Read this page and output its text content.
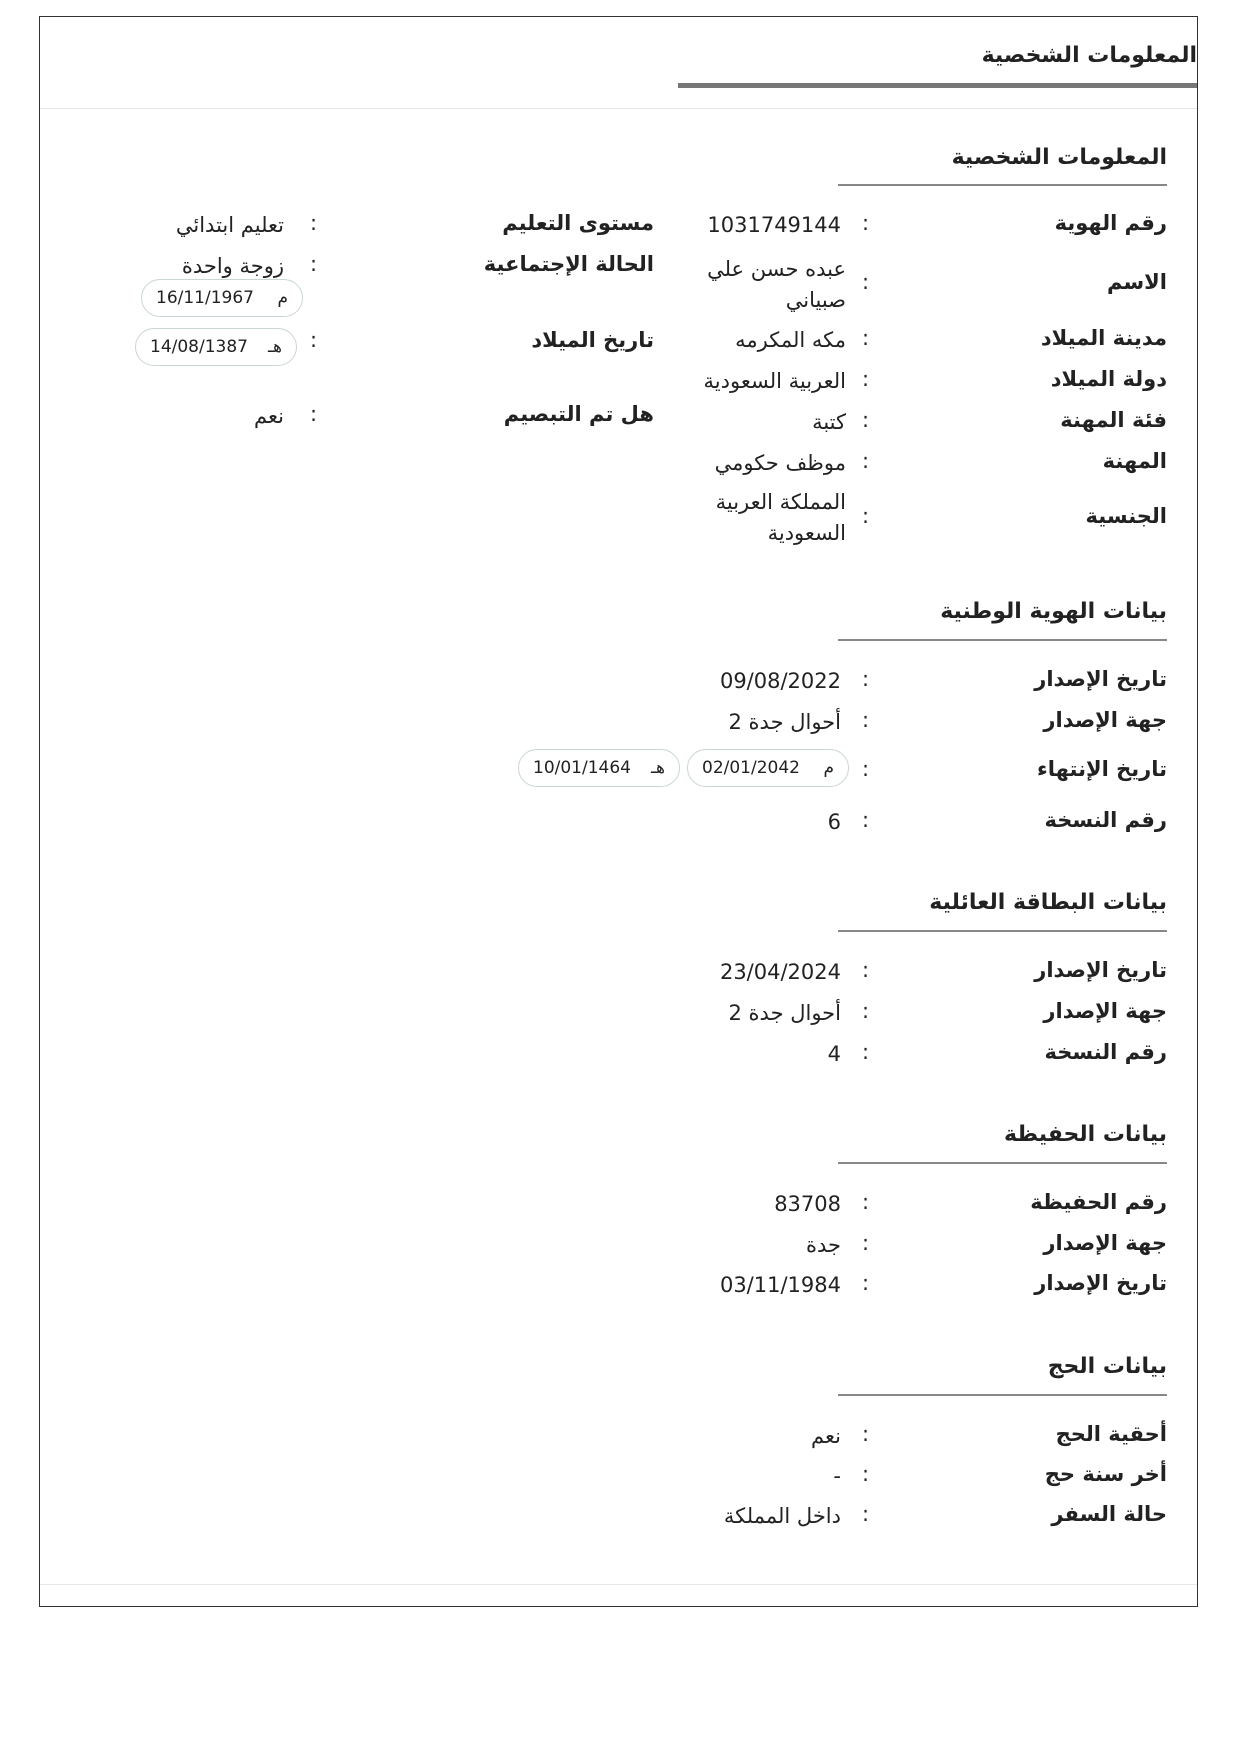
المعلومات الشخصية
المعلومات الشخصية
رقم الهوية
:
1031749144
الاسم
:
عبده حسن علي صبياني
مدينة الميلاد
:
مكه المكرمه
دولة الميلاد
:
العربية السعودية
فئة المهنة
:
كتبة
المهنة
:
موظف حكومي
الجنسية
:
المملكة العربية السعودية
مستوى التعليم
:
تعليم ابتدائي
الحالة الإجتماعية
:
زوجة واحدة
تاريخ الميلاد
:
16/11/1967 م
14/08/1387 هـ
هل تم التبصيم
:
نعم
بيانات الهوية الوطنية
تاريخ الإصدار
:
09/08/2022
جهة الإصدار
:
أحوال جدة 2
تاريخ الإنتهاء
:
02/01/2042 م
10/01/1464 هـ
رقم النسخة
:
6
بيانات البطاقة العائلية
تاريخ الإصدار
:
23/04/2024
جهة الإصدار
:
أحوال جدة 2
رقم النسخة
:
4
بيانات الحفيظة
رقم الحفيظة
:
83708
جهة الإصدار
:
جدة
تاريخ الإصدار
:
03/11/1984
بيانات الحج
أحقية الحج
:
نعم
أخر سنة حج
:
-
حالة السفر
:
داخل المملكة
